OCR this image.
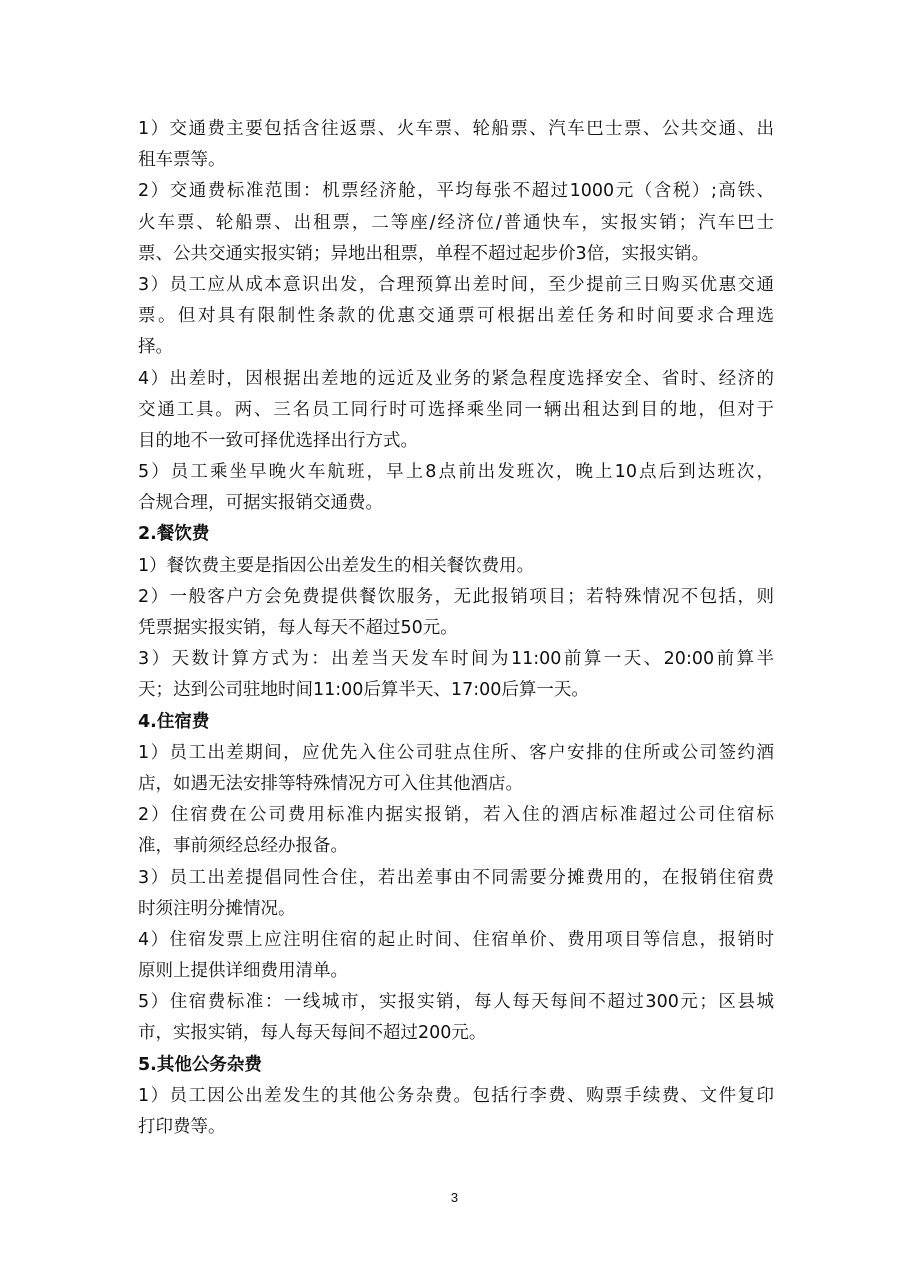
1）交通费主要包括含往返票、火车票、轮船票、汽车巴士票、公共交通、出
租车票等。
2）交通费标准范围：机票经济舱，平均每张不超过1000元（含税）;高铁、
火车票、轮船票、出租票，二等座/经济位/普通快车，实报实销；汽车巴士
票、公共交通实报实销；异地出租票，单程不超过起步价3倍，实报实销。
3）员工应从成本意识出发，合理预算出差时间，至少提前三日购买优惠交通
票。但对具有限制性条款的优惠交通票可根据出差任务和时间要求合理选
择。
4）出差时，因根据出差地的远近及业务的紧急程度选择安全、省时、经济的
交通工具。两、三名员工同行时可选择乘坐同一辆出租达到目的地，但对于
目的地不一致可择优选择出行方式。
5）员工乘坐早晚火车航班，早上8点前出发班次，晚上10点后到达班次，
合规合理，可据实报销交通费。
2.餐饮费
1）餐饮费主要是指因公出差发生的相关餐饮费用。
2）一般客户方会免费提供餐饮服务，无此报销项目；若特殊情况不包括，则
凭票据实报实销，每人每天不超过50元。
3）天数计算方式为：出差当天发车时间为11:00前算一天、20:00前算半
天；达到公司驻地时间11:00后算半天、17:00后算一天。
4.住宿费
1）员工出差期间，应优先入住公司驻点住所、客户安排的住所或公司签约酒
店，如遇无法安排等特殊情况方可入住其他酒店。
2）住宿费在公司费用标准内据实报销，若入住的酒店标准超过公司住宿标
准，事前须经总经办报备。
3）员工出差提倡同性合住，若出差事由不同需要分摊费用的，在报销住宿费
时须注明分摊情况。
4）住宿发票上应注明住宿的起止时间、住宿单价、费用项目等信息，报销时
原则上提供详细费用清单。
5）住宿费标准：一线城市，实报实销，每人每天每间不超过300元；区县城
市，实报实销，每人每天每间不超过200元。
5.其他公务杂费
1）员工因公出差发生的其他公务杂费。包括行李费、购票手续费、文件复印
打印费等。
3
